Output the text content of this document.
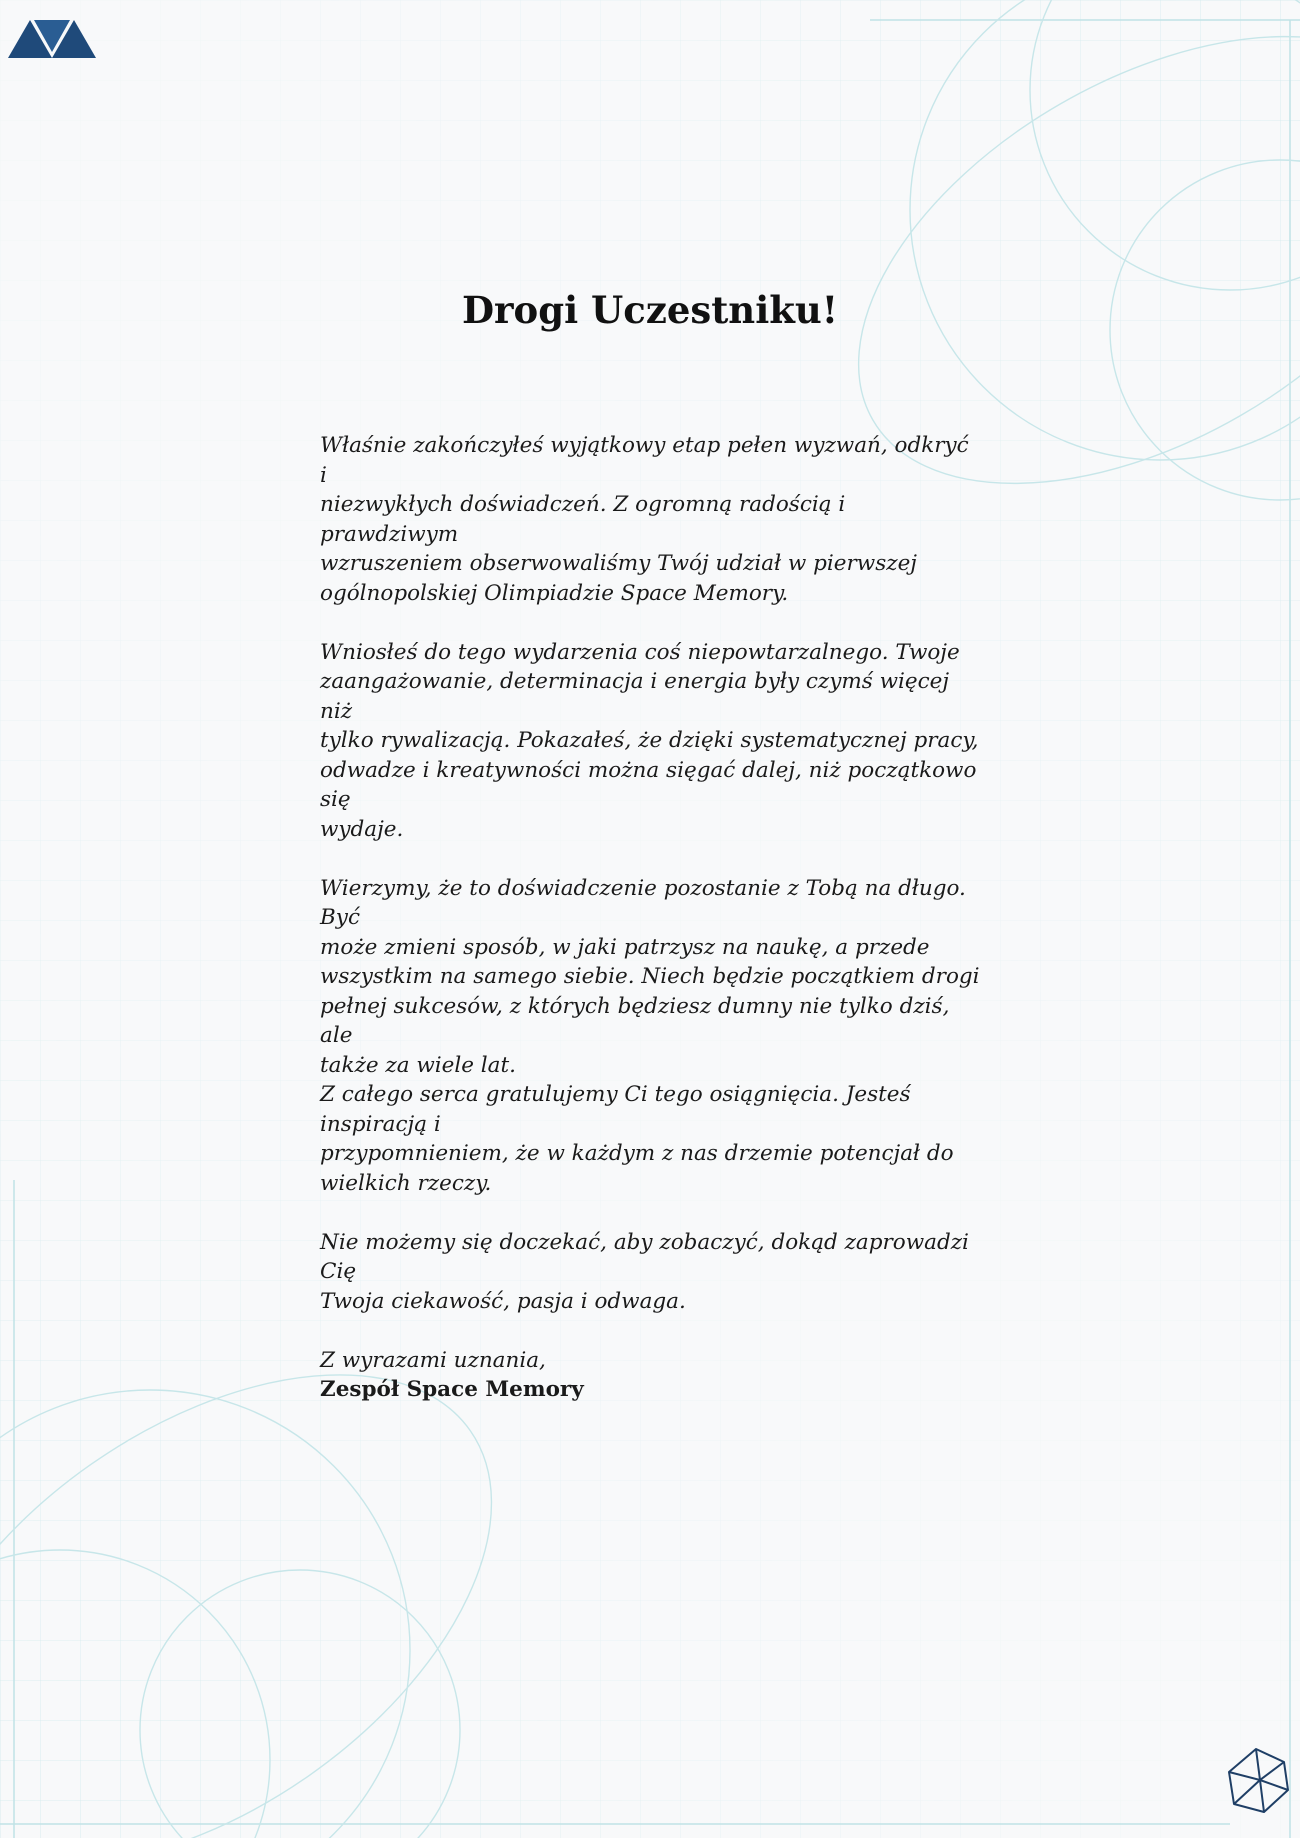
Drogi Uczestniku!

Właśnie zakończyłeś wyjątkowy etap pełen wyzwań, odkryć i
niezwykłych doświadczeń. Z ogromną radością i prawdziwym
wzruszeniem obserwowaliśmy Twój udział w pierwszej
ogólnopolskiej Olimpiadzie Space Memory.

Wniosłeś do tego wydarzenia coś niepowtarzalnego. Twoje
zaangażowanie, determinacja i energia były czymś więcej niż
tylko rywalizacją. Pokazałeś, że dzięki systematycznej pracy,
odwadze i kreatywności można sięgać dalej, niż początkowo się
wydaje.

Wierzymy, że to doświadczenie pozostanie z Tobą na długo. Być
może zmieni sposób, w jaki patrzysz na naukę, a przede
wszystkim na samego siebie. Niech będzie początkiem drogi
pełnej sukcesów, z których będziesz dumny nie tylko dziś, ale
także za wiele lat.
Z całego serca gratulujemy Ci tego osiągnięcia. Jesteś inspiracją i
przypomnieniem, że w każdym z nas drzemie potencjał do
wielkich rzeczy.

Nie możemy się doczekać, aby zobaczyć, dokąd zaprowadzi Cię
Twoja ciekawość, pasja i odwaga.

Z wyrazami uznania,

Zespół Space Memory
